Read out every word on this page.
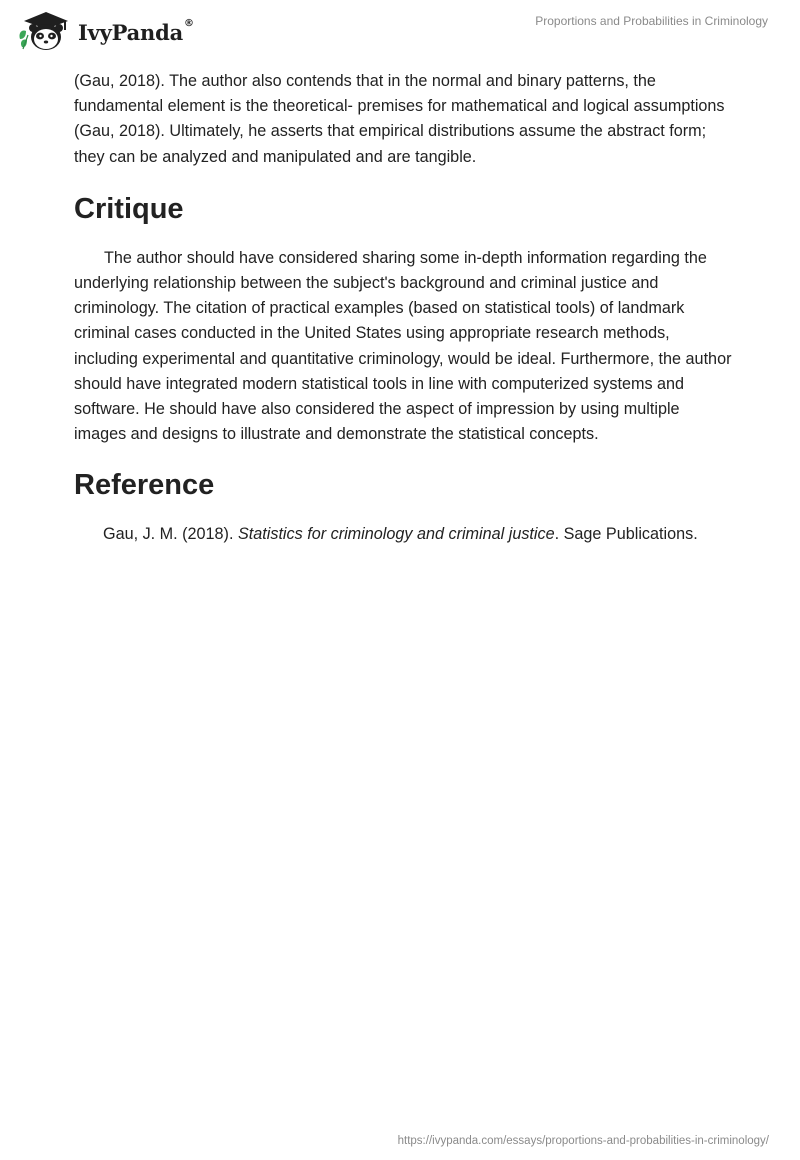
IvyPanda®	Proportions and Probabilities in Criminology

(Gau, 2018). The author also contends that in the normal and binary patterns, the fundamental element is the theoretical- premises for mathematical and logical assumptions (Gau, 2018). Ultimately, he asserts that empirical distributions assume the abstract form; they can be analyzed and manipulated and are tangible.

Critique

The author should have considered sharing some in-depth information regarding the underlying relationship between the subject's background and criminal justice and criminology. The citation of practical examples (based on statistical tools) of landmark criminal cases conducted in the United States using appropriate research methods, including experimental and quantitative criminology, would be ideal. Furthermore, the author should have integrated modern statistical tools in line with computerized systems and software. He should have also considered the aspect of impression by using multiple images and designs to illustrate and demonstrate the statistical concepts.

Reference

Gau, J. M. (2018). Statistics for criminology and criminal justice. Sage Publications.

https://ivypanda.com/essays/proportions-and-probabilities-in-criminology/
